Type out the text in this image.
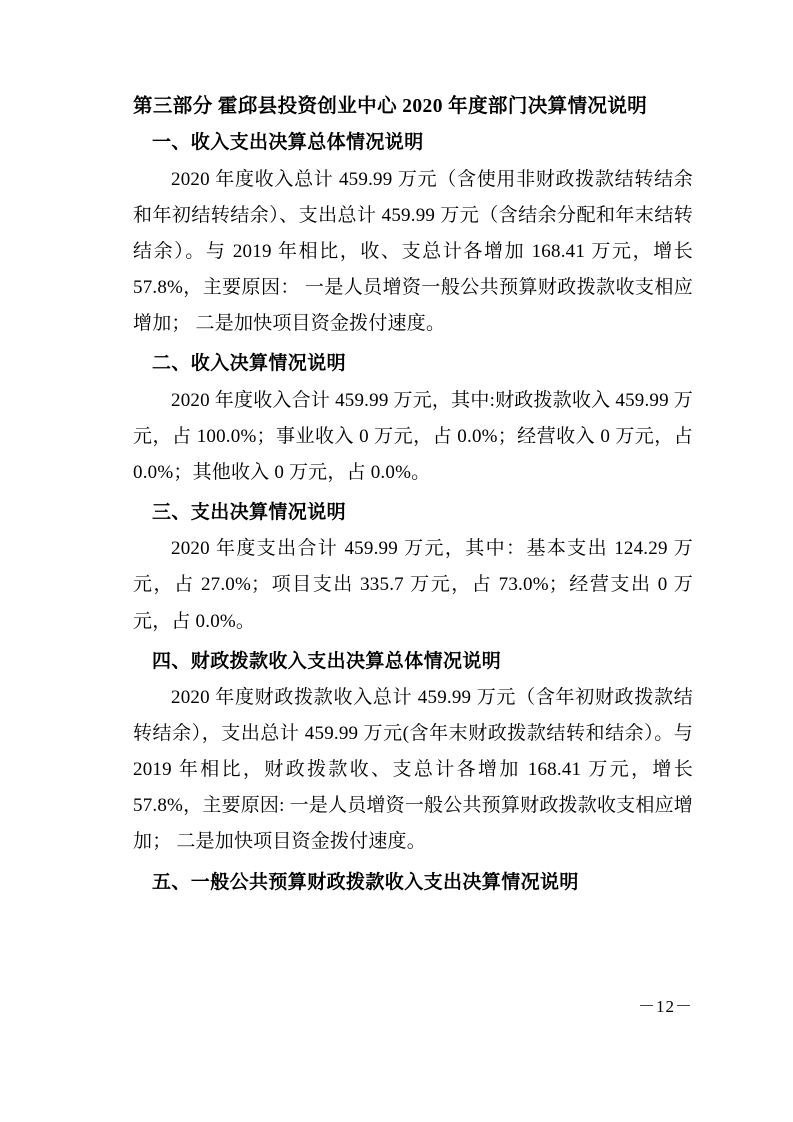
第三部分 霍邱县投资创业中心 2020 年度部门决算情况说明
一、收入支出决算总体情况说明
2020 年度收入总计 459.99 万元（含使用非财政拨款结转结余和年初结转结余）、支出总计 459.99 万元（含结余分配和年末结转结余）。与 2019 年相比，收、支总计各增加 168.41 万元，增长 57.8%，主要原因： 一是人员增资一般公共预算财政拨款收支相应增加； 二是加快项目资金拨付速度。
二、收入决算情况说明
2020 年度收入合计 459.99 万元，其中:财政拨款收入 459.99 万元，占 100.0%；事业收入 0 万元，占 0.0%；经营收入 0 万元，占 0.0%；其他收入 0 万元，占 0.0%。
三、支出决算情况说明
2020 年度支出合计 459.99 万元，其中：基本支出 124.29 万元，占 27.0%；项目支出 335.7 万元，占 73.0%；经营支出 0 万元，占 0.0%。
四、财政拨款收入支出决算总体情况说明
2020 年度财政拨款收入总计 459.99 万元（含年初财政拨款结转结余），支出总计 459.99 万元(含年末财政拨款结转和结余）。与 2019 年相比，财政拨款收、支总计各增加 168.41 万元，增长 57.8%，主要原因: 一是人员增资一般公共预算财政拨款收支相应增加； 二是加快项目资金拨付速度。
五、一般公共预算财政拨款收入支出决算情况说明
－12－
